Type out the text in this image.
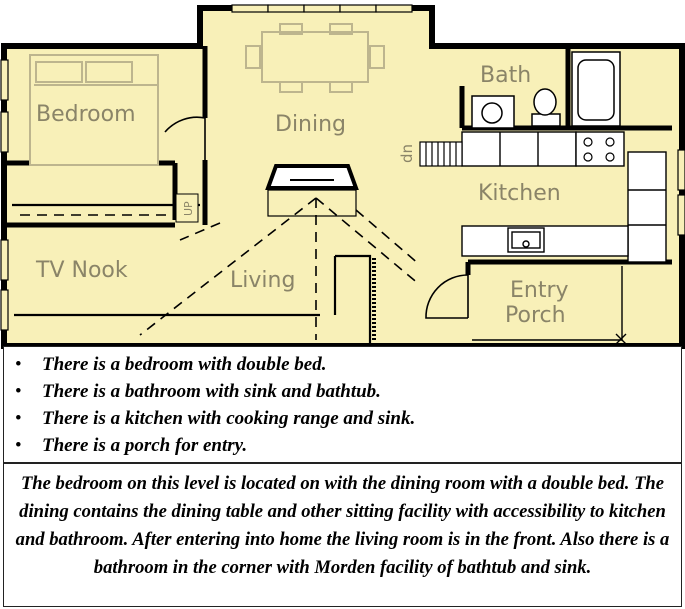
Bedroom	Dining
Bath
Kitchen
TV Nook	Living	Entry
Porch
UP
dn
• There is a bedroom with double bed.
• There is a bathroom with sink and bathtub.
• There is a kitchen with cooking range and sink.
• There is a porch for entry.
The bedroom on this level is located on with the dining room with a double bed. The dining contains the dining table and other sitting facility with accessibility to kitchen and bathroom. After entering into home the living room is in the front. Also there is a bathroom in the corner with Morden facility of bathtub and sink.
